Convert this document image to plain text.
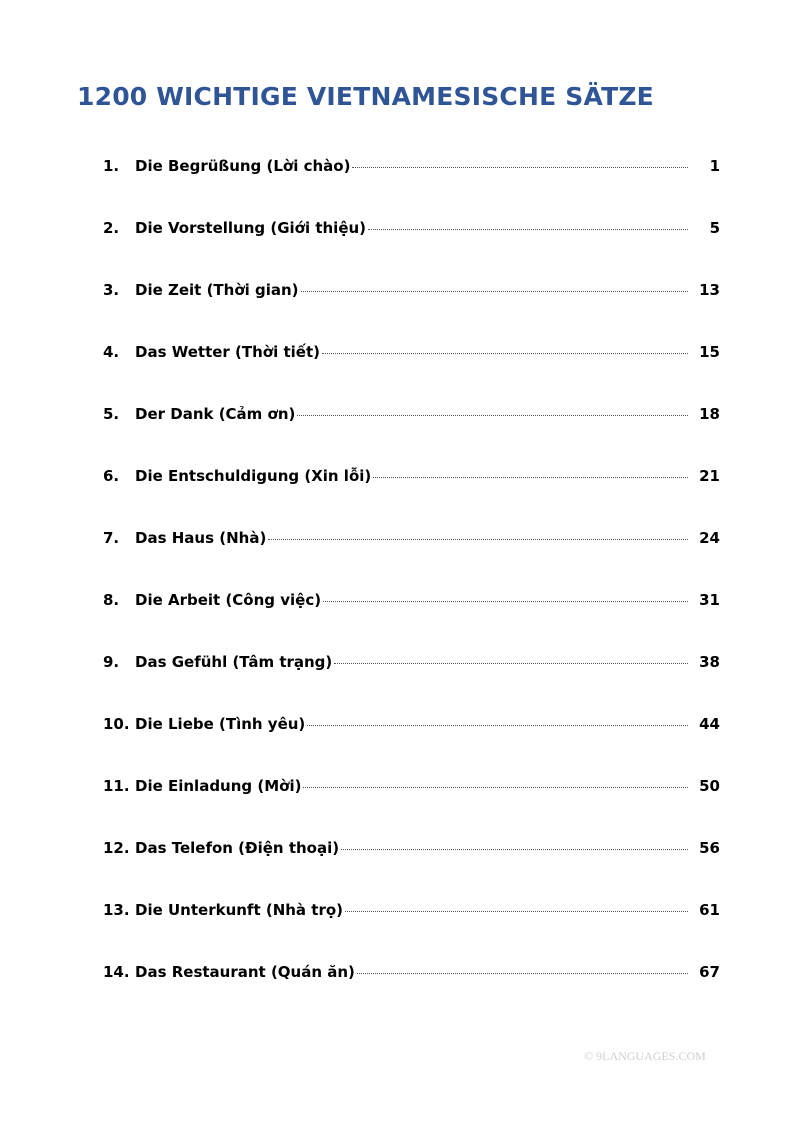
1200 WICHTIGE VIETNAMESISCHE SÄTZE
1.	Die Begrüßung (Lời chào)	1
2.	Die Vorstellung (Giới thiệu)	5
3.	Die Zeit (Thời gian)	13
4.	Das Wetter (Thời tiết)	15
5.	Der Dank (Cảm ơn)	18
6.	Die Entschuldigung (Xin lỗi)	21
7.	Das Haus (Nhà)	24
8.	Die Arbeit (Công việc)	31
9.	Das Gefühl (Tâm trạng)	38
10. Die Liebe (Tình yêu)	44
11. Die Einladung (Mời)	50
12. Das Telefon (Điện thoại)	56
13. Die Unterkunft (Nhà trọ)	61
14. Das Restaurant (Quán ăn)	67
© 9LANGUAGES.COM
